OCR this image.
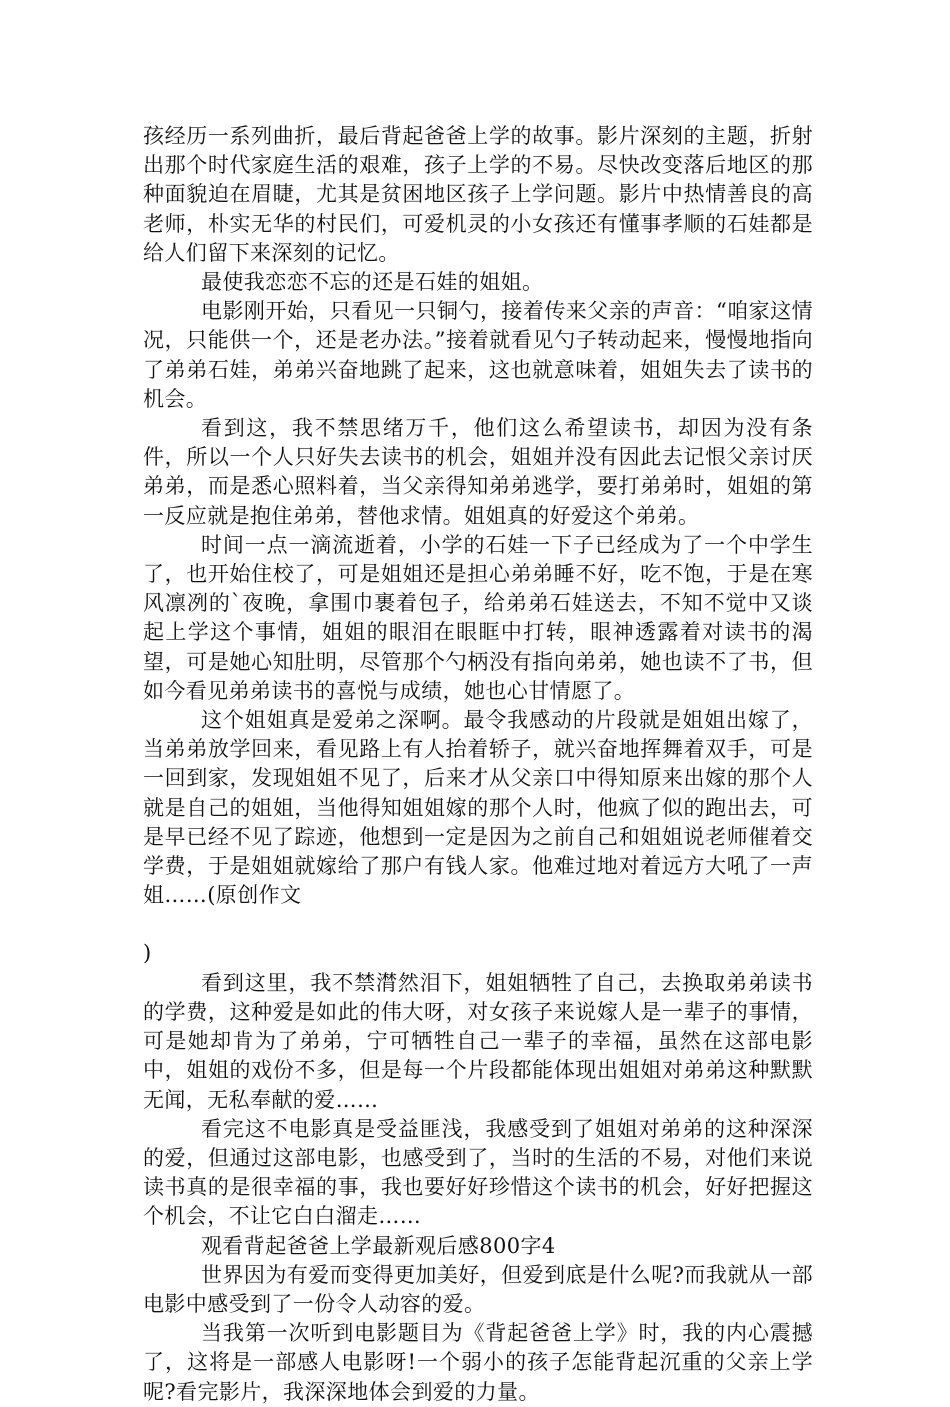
孩经历一系列曲折，最后背起爸爸上学的故事。影片深刻的主题，折射出那个时代家庭生活的艰难，孩子上学的不易。尽快改变落后地区的那种面貌迫在眉睫，尤其是贫困地区孩子上学问题。影片中热情善良的高老师，朴实无华的村民们，可爱机灵的小女孩还有懂事孝顺的石娃都是给人们留下来深刻的记忆。

最使我恋恋不忘的还是石娃的姐姐。

电影刚开始，只看见一只铜勺，接着传来父亲的声音：“咱家这情况，只能供一个，还是老办法。”接着就看见勺子转动起来，慢慢地指向了弟弟石娃，弟弟兴奋地跳了起来，这也就意味着，姐姐失去了读书的机会。

看到这，我不禁思绪万千，他们这么希望读书，却因为没有条件，所以一个人只好失去读书的机会，姐姐并没有因此去记恨父亲讨厌弟弟，而是悉心照料着，当父亲得知弟弟逃学，要打弟弟时，姐姐的第一反应就是抱住弟弟，替他求情。姐姐真的好爱这个弟弟。

时间一点一滴流逝着，小学的石娃一下子已经成为了一个中学生了，也开始住校了，可是姐姐还是担心弟弟睡不好，吃不饱，于是在寒风凛冽的`夜晚，拿围巾裹着包子，给弟弟石娃送去，不知不觉中又谈起上学这个事情，姐姐的眼泪在眼眶中打转，眼神透露着对读书的渴望，可是她心知肚明，尽管那个勺柄没有指向弟弟，她也读不了书，但如今看见弟弟读书的喜悦与成绩，她也心甘情愿了。

这个姐姐真是爱弟之深啊。最令我感动的片段就是姐姐出嫁了，当弟弟放学回来，看见路上有人抬着轿子，就兴奋地挥舞着双手，可是一回到家，发现姐姐不见了，后来才从父亲口中得知原来出嫁的那个人就是自己的姐姐，当他得知姐姐嫁的那个人时，他疯了似的跑出去，可是早已经不见了踪迹，他想到一定是因为之前自己和姐姐说老师催着交学费，于是姐姐就嫁给了那户有钱人家。他难过地对着远方大吼了一声姐……(原创作文

)

看到这里，我不禁潸然泪下，姐姐牺牲了自己，去换取弟弟读书的学费，这种爱是如此的伟大呀，对女孩子来说嫁人是一辈子的事情，可是她却肯为了弟弟，宁可牺牲自己一辈子的幸福，虽然在这部电影中，姐姐的戏份不多，但是每一个片段都能体现出姐姐对弟弟这种默默无闻，无私奉献的爱……

看完这不电影真是受益匪浅，我感受到了姐姐对弟弟的这种深深的爱，但通过这部电影，也感受到了，当时的生活的不易，对他们来说读书真的是很幸福的事，我也要好好珍惜这个读书的机会，好好把握这个机会，不让它白白溜走……

观看背起爸爸上学最新观后感800字4

世界因为有爱而变得更加美好，但爱到底是什么呢?而我就从一部电影中感受到了一份令人动容的爱。

当我第一次听到电影题目为《背起爸爸上学》时，我的内心震撼了，这将是一部感人电影呀!一个弱小的孩子怎能背起沉重的父亲上学呢?看完影片，我深深地体会到爱的力量。
